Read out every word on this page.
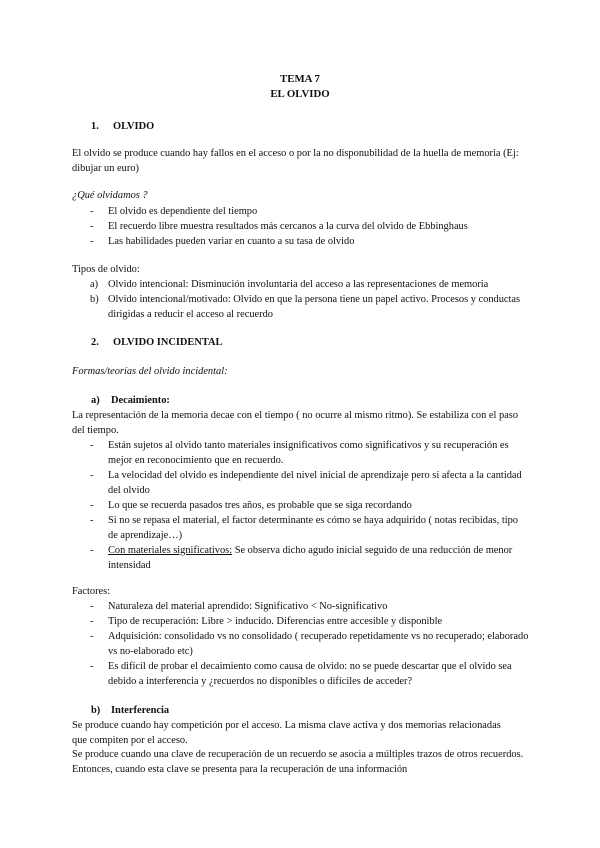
TEMA 7
EL OLVIDO
1. OLVIDO

El olvido se produce cuando hay fallos en el acceso o por la no disponubilidad de la huella de memoria (Ej: dibujar un euro)

¿Qué olvidamos ?

- El olvido es dependiente del tiempo
- El recuerdo libre muestra resultados más cercanos a la curva del olvido de Ebbinghaus
- Las habilidades pueden variar en cuanto a su tasa de olvido

Tipos de olvido:

a) Olvido intencional: Disminución involuntaria del acceso a las representaciones de memoria
b) Olvido intencional/motivado: Olvido en que la persona tiene un papel activo. Procesos y conductas dirigidas a reducir el acceso al recuerdo
2. OLVIDO INCIDENTAL

Formas/teorías del olvido incidental:

a) Decaimiento:

La representación de la memoria decae con el tiempo ( no ocurre al mismo ritmo). Se estabiliza con el paso del tiempo.

- Están sujetos al olvido tanto materiales insignificativos como significativos y su recuperación es mejor en reconocimiento que en recuerdo.
- La velocidad del olvido es independiente del nivel inicial de aprendizaje pero sí afecta a la cantidad del olvido
- Lo que se recuerda pasados tres años, es probable que se siga recordando
- Si no se repasa el material, el factor determinante es cómo se haya adquirido ( notas recibidas, tipo de aprendizaje…)
- Con materiales significativos: Se observa dicho agudo inicial seguido de una reducción de menor intensidad

Factores:

- Naturaleza del material aprendido: Significativo < No-significativo
- Tipo de recuperación: Libre > inducido. Diferencias entre accesible y disponible
- Adquisición: consolidado vs no consolidado ( recuperado repetidamente vs no recuperado; elaborado vs no-elaborado etc)
- Es difícil de probar el decaimiento como causa de olvido: no se puede descartar que el olvido sea debido a interferencia y ¿recuerdos no disponibles o difíciles de acceder?
b) Interferencia

Se produce cuando hay competición por el acceso. La misma clave activa y dos memorias relacionadas que compiten por el acceso.

Se produce cuando una clave de recuperación de un recuerdo se asocia a múltiples trazos de otros recuerdos. Entonces, cuando esta clave se presenta para la recuperación de una información
